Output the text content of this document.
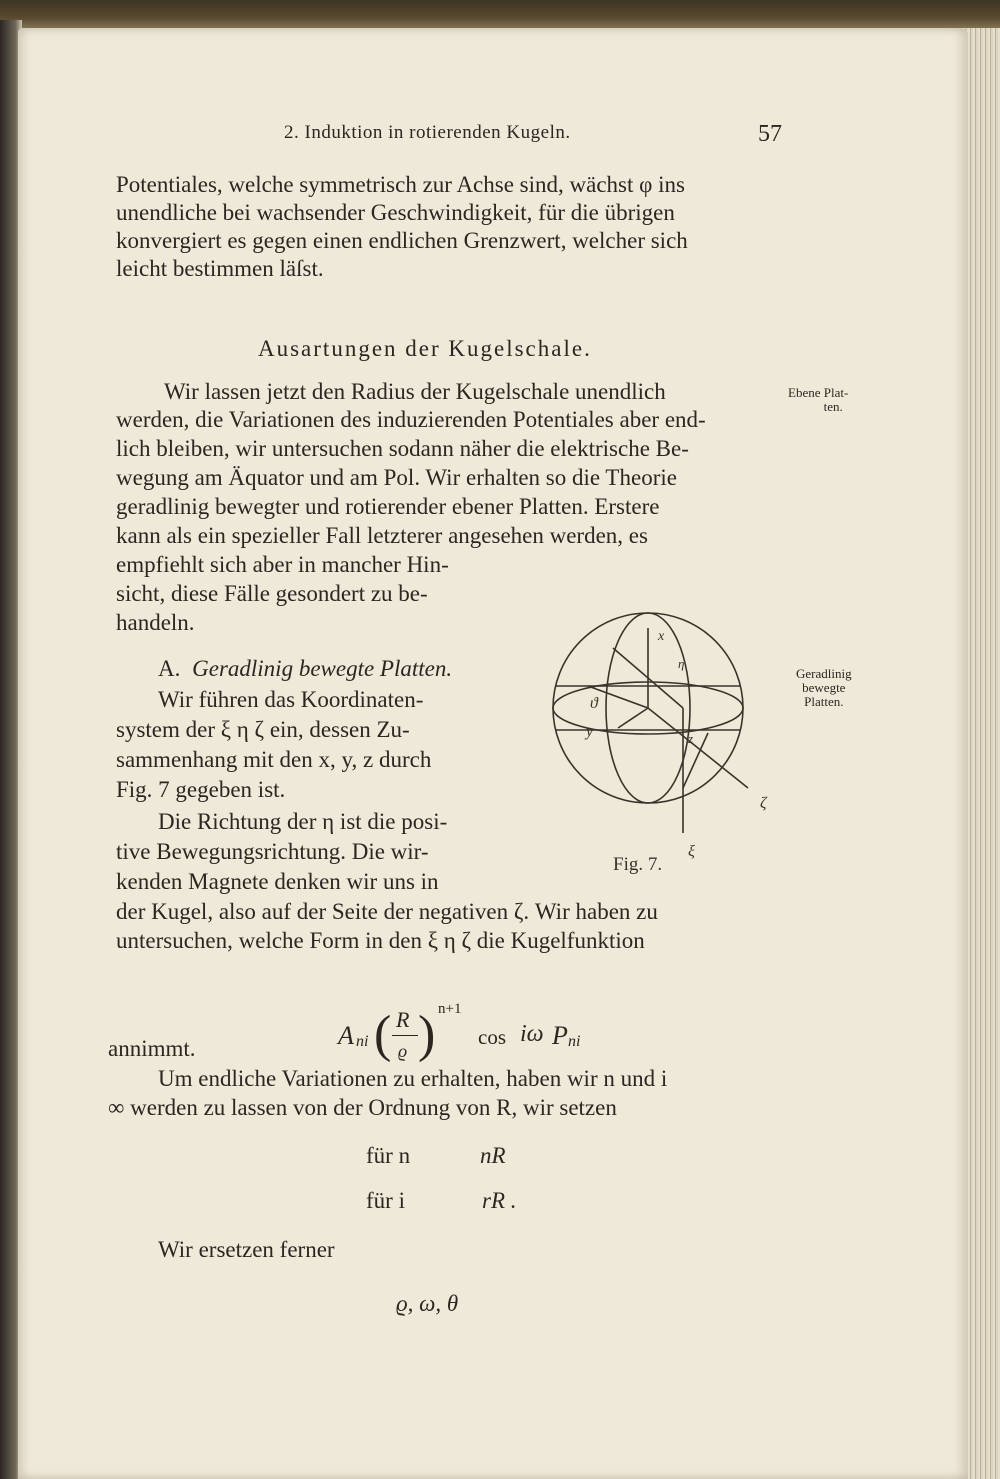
2. Induktion in rotierenden Kugeln.	57
Potentiales, welche symmetrisch zur Achse sind, wächst φ ins
unendliche bei wachsender Geschwindigkeit, für die übrigen
konvergiert es gegen einen endlichen Grenzwert, welcher sich
leicht bestimmen läſst.
Ausartungen der Kugelschale.
Wir lassen jetzt den Radius der Kugelschale unendlich
werden, die Variationen des induzierenden Potentiales aber end-
lich bleiben, wir untersuchen sodann näher die elektrische Be-
wegung am Äquator und am Pol. Wir erhalten so die Theorie
geradlinig bewegter und rotierender ebener Platten. Erstere
kann als ein spezieller Fall letzterer angesehen werden, es
empfiehlt sich aber in mancher Hin-
sicht, diese Fälle gesondert zu be-
handeln.
Ebene Plat-
ten.
Geradlinig
bewegte
Platten.
A. Geradlinig bewegte Platten.
Wir führen das Koordinaten-
system der ξ η ζ ein, dessen Zu-
sammenhang mit den x, y, z durch
Fig. 7 gegeben ist.
Die Richtung der η ist die posi-
tive Bewegungsrichtung. Die wir-
kenden Magnete denken wir uns in
der Kugel, also auf der Seite der negativen ζ. Wir haben zu
untersuchen, welche Form in den ξ η ζ die Kugelfunktion
x
y
ϑ
z
ζ
ξ
η
Fig. 7.
A ni ( R
ϱ ) n+1
cos iω P ni
annimmt.
Um endliche Variationen zu erhalten, haben wir n und i
∞ werden zu lassen von der Ordnung von R, wir setzen
für n	nR
für i	rR .
Wir ersetzen ferner
ϱ, ω, θ
